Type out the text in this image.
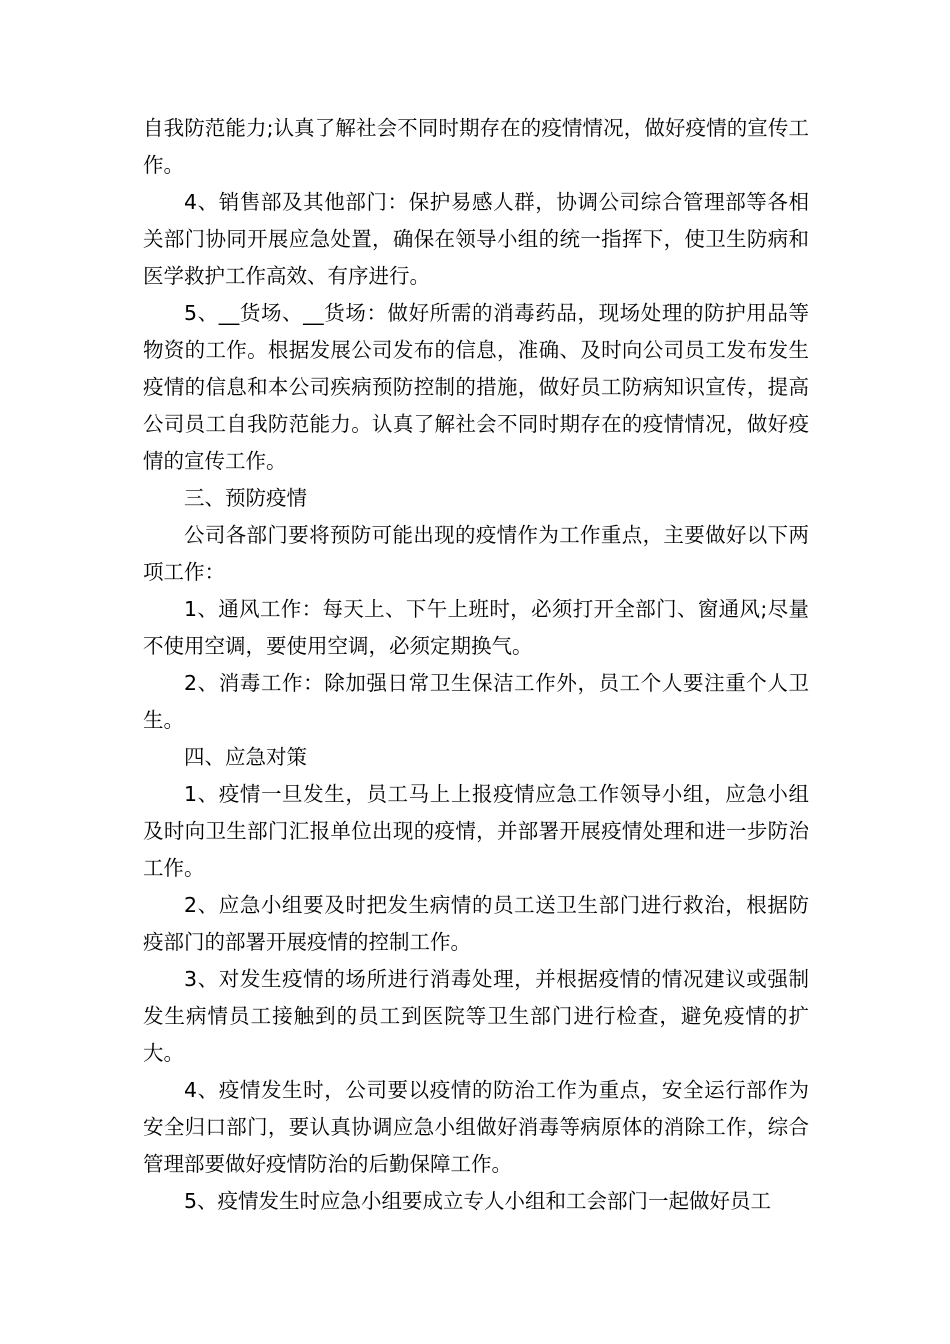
自我防范能力;认真了解社会不同时期存在的疫情情况，做好疫情的宣传工作。

4、销售部及其他部门：保护易感人群，协调公司综合管理部等各相关部门协同开展应急处置，确保在领导小组的统一指挥下，使卫生防病和医学救护工作高效、有序进行。

5、__货场、__货场：做好所需的消毒药品，现场处理的防护用品等物资的工作。根据发展公司发布的信息，准确、及时向公司员工发布发生疫情的信息和本公司疾病预防控制的措施，做好员工防病知识宣传，提高公司员工自我防范能力。认真了解社会不同时期存在的疫情情况，做好疫情的宣传工作。

三、预防疫情

公司各部门要将预防可能出现的疫情作为工作重点，主要做好以下两项工作：

1、通风工作：每天上、下午上班时，必须打开全部门、窗通风;尽量不使用空调，要使用空调，必须定期换气。

2、消毒工作：除加强日常卫生保洁工作外，员工个人要注重个人卫生。

四、应急对策

1、疫情一旦发生，员工马上上报疫情应急工作领导小组，应急小组及时向卫生部门汇报单位出现的疫情，并部署开展疫情处理和进一步防治工作。

2、应急小组要及时把发生病情的员工送卫生部门进行救治，根据防疫部门的部署开展疫情的控制工作。

3、对发生疫情的场所进行消毒处理，并根据疫情的情况建议或强制发生病情员工接触到的员工到医院等卫生部门进行检查，避免疫情的扩大。

4、疫情发生时，公司要以疫情的防治工作为重点，安全运行部作为安全归口部门，要认真协调应急小组做好消毒等病原体的消除工作，综合管理部要做好疫情防治的后勤保障工作。

5、疫情发生时应急小组要成立专人小组和工会部门一起做好员工
